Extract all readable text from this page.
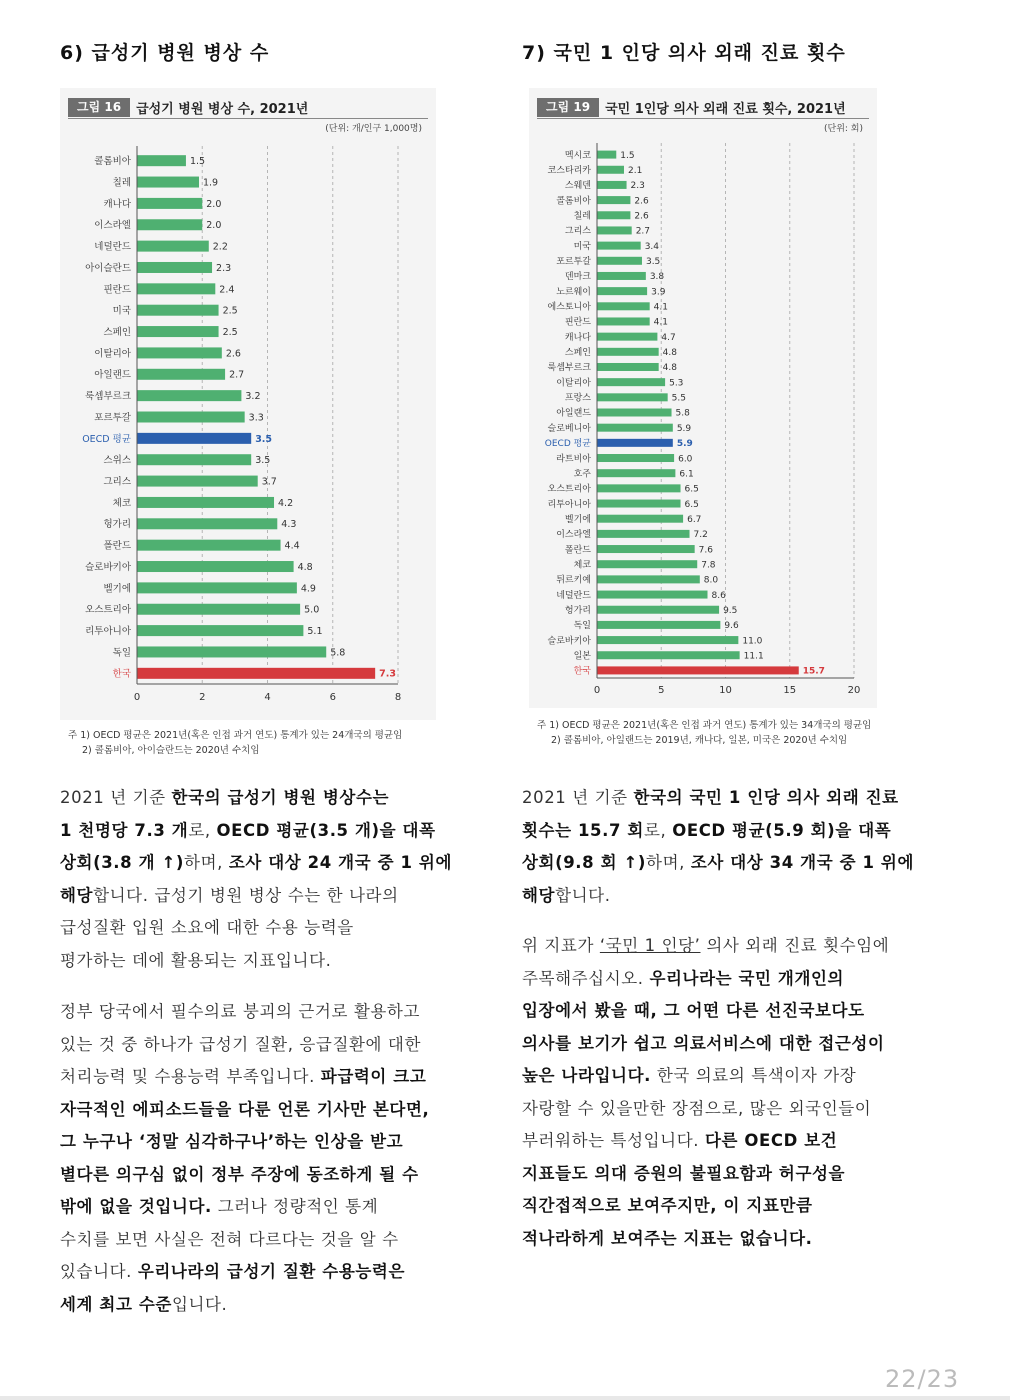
6) 급성기 병원 병상 수
그림 16	급성기 병원 병상 수, 2021년
(단위: 개/인구 1,000명)
0	2	4	6	8
콜롬비아	1.5
칠레	1.9
캐나다	2.0
이스라엘	2.0
네덜란드	2.2
아이슬란드	2.3
핀란드	2.4
미국	2.5
스페인	2.5
이탈리아	2.6
아일랜드	2.7
룩셈부르크	3.2
포르투갈	3.3
OECD 평균	3.5
스위스	3.5
그리스	3.7
체코	4.2
헝가리	4.3
폴란드	4.4
슬로바키아	4.8
벨기에	4.9
오스트리아	5.0
리투아니아	5.1
독일	5.8
한국	7.3
주 1) OECD 평균은 2021년(혹은 인접 과거 연도) 통계가 있는 24개국의 평균임
2) 콜롬비아, 아이슬란드는 2020년 수치임
2021 년 기준 한국의 급성기 병원 병상수는
1 천명당 7.3 개로, OECD 평균(3.5 개)을 대폭
상회(3.8 개 ↑)하며, 조사 대상 24 개국 중 1 위에
해당합니다. 급성기 병원 병상 수는 한 나라의
급성질환 입원 소요에 대한 수용 능력을
평가하는 데에 활용되는 지표입니다.
정부 당국에서 필수의료 붕괴의 근거로 활용하고
있는 것 중 하나가 급성기 질환, 응급질환에 대한
처리능력 및 수용능력 부족입니다. 파급력이 크고
자극적인 에피소드들을 다룬 언론 기사만 본다면,
그 누구나 ‘정말 심각하구나’하는 인상을 받고
별다른 의구심 없이 정부 주장에 동조하게 될 수
밖에 없을 것입니다. 그러나 정량적인 통계
수치를 보면 사실은 전혀 다르다는 것을 알 수
있습니다. 우리나라의 급성기 질환 수용능력은
세계 최고 수준입니다.
7) 국민 1 인당 의사 외래 진료 횟수
그림 19	국민 1인당 의사 외래 진료 횟수, 2021년
(단위: 회)
0	5	10	15	20
멕시코	1.5
코스타리카	2.1
스웨덴	2.3
콜롬비아	2.6
칠레	2.6
그리스	2.7
미국	3.4
포르투갈	3.5
덴마크	3.8
노르웨이	3.9
에스토니아	4.1
핀란드	4.1
캐나다	4.7
스페인	4.8
룩셈부르크	4.8
이탈리아	5.3
프랑스	5.5
아일랜드	5.8
슬로베니아	5.9
OECD 평균	5.9
라트비아	6.0
호주	6.1
오스트리아	6.5
리투아니아	6.5
벨기에	6.7
이스라엘	7.2
폴란드	7.6
체코	7.8
튀르키예	8.0
네덜란드	8.6
헝가리	9.5
독일	9.6
슬로바키아	11.0
일본	11.1
한국	15.7
주 1) OECD 평균은 2021년(혹은 인접 과거 연도) 통계가 있는 34개국의 평균임
2) 콜롬비아, 아일랜드는 2019년, 캐나다, 일본, 미국은 2020년 수치임
2021 년 기준 한국의 국민 1 인당 의사 외래 진료
횟수는 15.7 회로, OECD 평균(5.9 회)을 대폭
상회(9.8 회 ↑)하며, 조사 대상 34 개국 중 1 위에
해당합니다.
위 지표가 ‘국민 1 인당’ 의사 외래 진료 횟수임에
주목해주십시오. 우리나라는 국민 개개인의
입장에서 봤을 때, 그 어떤 다른 선진국보다도
의사를 보기가 쉽고 의료서비스에 대한 접근성이
높은 나라입니다. 한국 의료의 특색이자 가장
자랑할 수 있을만한 장점으로, 많은 외국인들이
부러워하는 특성입니다. 다른 OECD 보건
지표들도 의대 증원의 불필요함과 허구성을
직간접적으로 보여주지만, 이 지표만큼
적나라하게 보여주는 지표는 없습니다.
22/23
